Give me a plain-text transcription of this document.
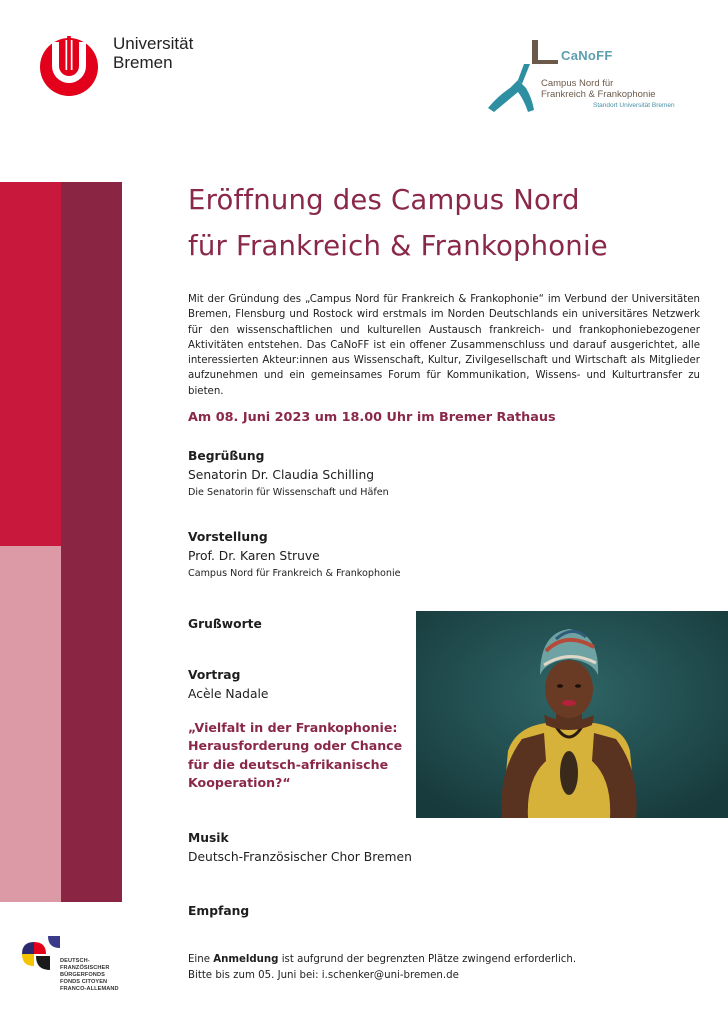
Universität
Bremen	CaNoFF
Campus Nord für
Frankreich & Frankophonie
Standort Universität Bremen
Eröffnung des Campus Nord
für Frankreich & Frankophonie
Mit der Gründung des „Campus Nord für Frankreich & Frankophonie“ im Verbund der Universitäten Bremen, Flensburg und Rostock wird erstmals im Norden Deutschlands ein universitäres Netzwerk für den wissenschaftlichen und kulturellen Austausch frankreich- und frankophoniebezogener Aktivitäten entstehen. Das CaNoFF ist ein offener Zusammenschluss und darauf ausgerichtet, alle interessierten Akteur:innen aus Wissenschaft, Kultur, Zivilgesellschaft und Wirtschaft als Mitglieder aufzunehmen und ein gemeinsames Forum für Kommunikation, Wissens- und Kulturtransfer zu bieten.
Am 08. Juni 2023 um 18.00 Uhr im Bremer Rathaus
Begrüßung
Senatorin Dr. Claudia Schilling
Die Senatorin für Wissenschaft und Häfen
Vorstellung
Prof. Dr. Karen Struve
Campus Nord für Frankreich & Frankophonie
Grußworte
Vortrag
Acèle Nadale
„Vielfalt in der Frankophonie:
Herausforderung oder Chance
für die deutsch-afrikanische
Kooperation?“
Musik
Deutsch-Französischer Chor Bremen
Empfang
Eine Anmeldung ist aufgrund der begrenzten Plätze zwingend erforderlich.
Bitte bis zum 05. Juni bei: i.schenker@uni-bremen.de
DEUTSCH-
FRANZÖSISCHER
BÜRGERFONDS
FONDS CITOYEN
FRANCO-ALLEMAND
